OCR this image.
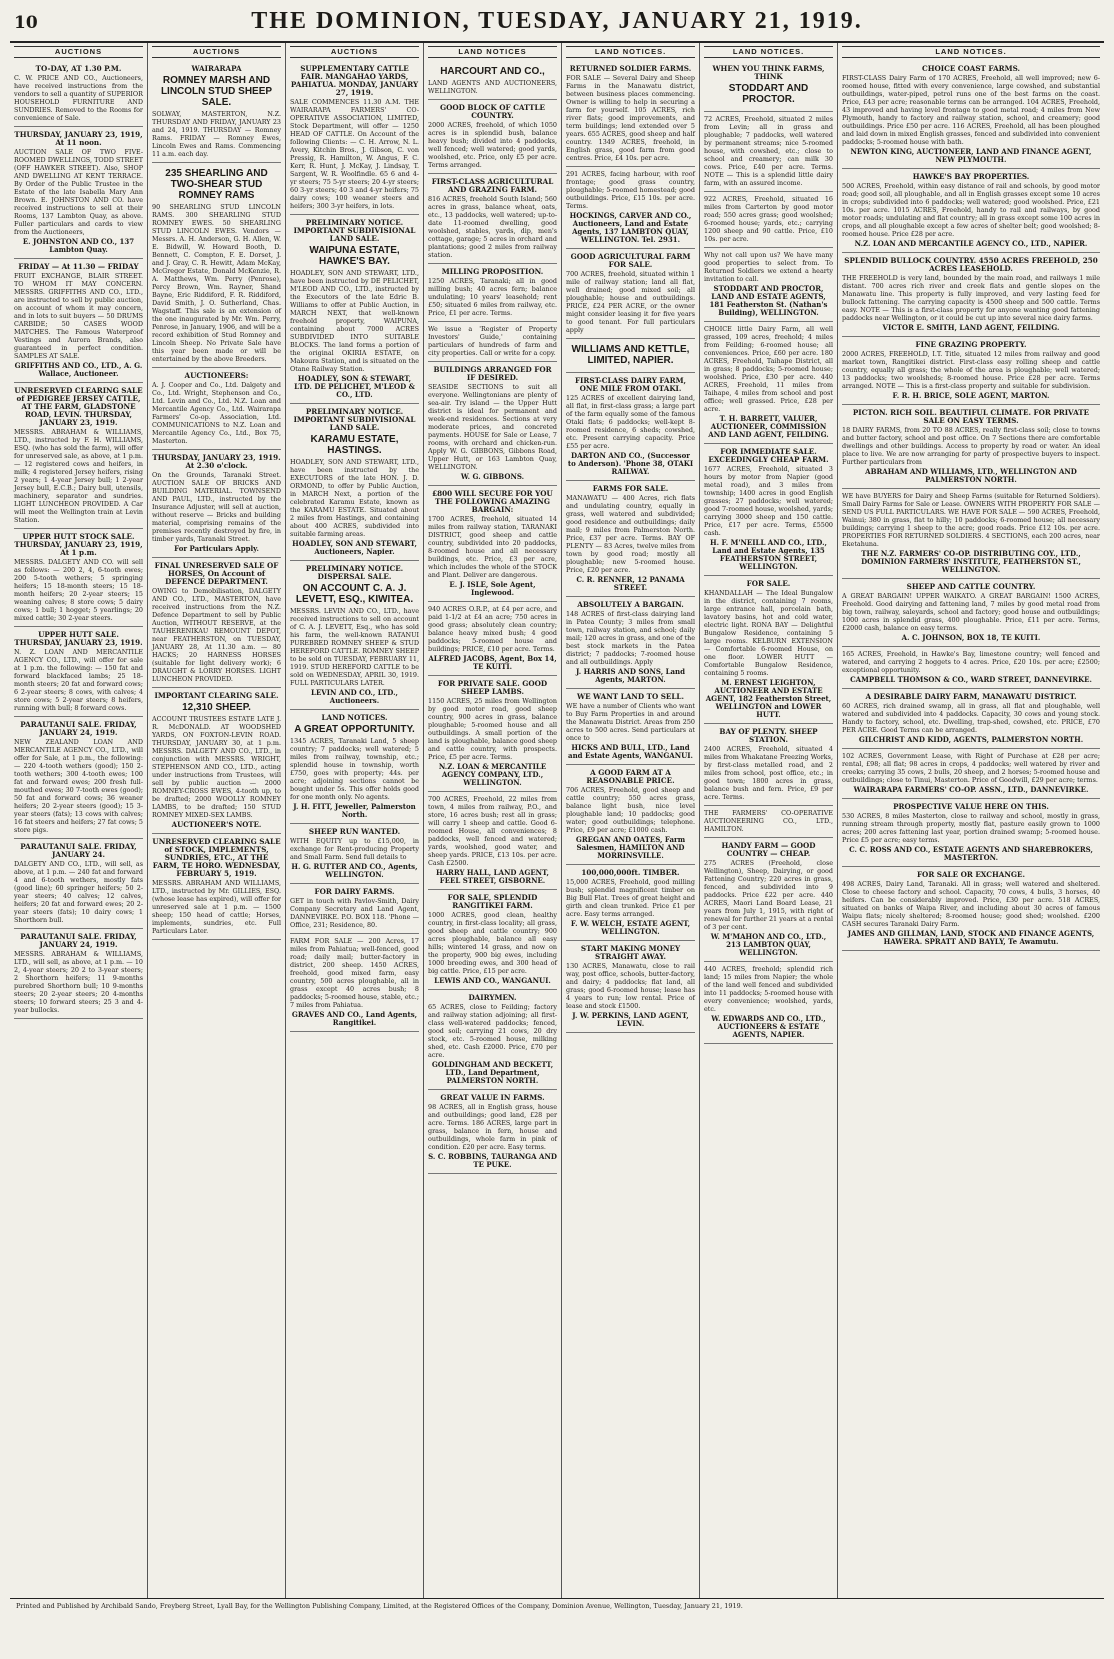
10	THE DOMINION, TUESDAY, JANUARY 21, 1919.
AUCTIONS
TO-DAY, AT 1.30 P.M.
C. W. PRICE AND CO., Auctioneers, have received instructions from the vendors to sell a quantity of SUPERIOR HOUSEHOLD FURNITURE AND SUNDRIES. Removed to the Rooms for convenience of Sale.
THURSDAY, JANUARY 23, 1919, At 11 noon.
AUCTION SALE OF TWO FIVE-ROOMED DWELLINGS, TODD STREET (OFF HAWKER STREET). Also, SHOP AND DWELLING AT KENT TERRACE. By Order of the Public Trustee in the Estate of the late Isabella Mary Ann Brown. E. JOHNSTON AND CO. have received instructions to sell at their Rooms, 137 Lambton Quay, as above. Fuller particulars and cards to view from the Auctioneers,
E. JOHNSTON AND CO., 137 Lambton Quay.
FRIDAY — At 11.30 — FRIDAY
FRUIT EXCHANGE, BLAIR STREET. TO WHOM IT MAY CONCERN. MESSRS. GRIFFITHS AND CO., LTD., are instructed to sell by public auction, on account of whom it may concern, and in lots to suit buyers — 50 DRUMS CARBIDE; 50 CASES WOOD MATCHES. The Famous Waterproof Vestings and Aurora Brands, also guaranteed in perfect condition. SAMPLES AT SALE.
GRIFFITHS AND CO., LTD., A. G. Wallace, Auctioneer.
UNRESERVED CLEARING SALE of PEDIGREE JERSEY CATTLE, AT THE FARM, GLADSTONE ROAD, LEVIN. THURSDAY, JANUARY 23, 1919.
MESSRS. ABRAHAM & WILLIAMS, LTD., instructed by F. H. WILLIAMS, ESQ. (who has sold the farm), will offer for unreserved sale, as above, at 1 p.m. — 12 registered cows and heifers, in milk; 4 registered Jersey heifers, rising 2 years; 1 4-year Jersey bull; 1 2-year Jersey bull, E.C.B.; Dairy bull, utensils, machinery, separator and sundries. LIGHT LUNCHEON PROVIDED. A Car will meet the Wellington train at Levin Station.
UPPER HUTT STOCK SALE. THURSDAY, JANUARY 23, 1919, At 1 p.m.
MESSRS. DALGETY AND CO. will sell as follows: — 200 2, 4, 6-tooth ewes; 200 5-tooth wethers; 5 springing heifers; 15 18-month steers; 15 18-month heifers; 20 2-year steers; 15 weaning calves; 8 store cows; 5 dairy cows; 1 bull; 1 hogget; 5 yearlings; 20 mixed cattle; 30 2-year steers.
UPPER HUTT SALE. THURSDAY, JANUARY 23, 1919.
N. Z. LOAN AND MERCANTILE AGENCY CO., LTD., will offer for sale at 1 p.m. the following: — 150 fat and forward blackfaced lambs; 25 18-month steers; 20 fat and forward cows; 6 2-year steers; 8 cows, with calves; 4 store cows; 5 2-year steers; 8 heifers, running with bull; 8 forward cows.
PARAUTANUI SALE. FRIDAY, JANUARY 24, 1919.
NEW ZEALAND LOAN AND MERCANTILE AGENCY CO., LTD., will offer for Sale, at 1 p.m., the following: — 220 4-tooth wethers (good); 150 2-tooth wethers; 300 4-tooth ewes; 100 fat and forward ewes; 200 fresh full-mouthed ewes; 30 7-tooth ewes (good); 50 fat and forward cows; 36 weaner heifers; 20 2-year steers (good); 15 3-year steers (fats); 13 cows with calves; 16 fat steers and heifers; 27 fat cows; 5 store pigs.
PARAUTANUI SALE. FRIDAY, JANUARY 24.
DALGETY AND CO., LTD., will sell, as above, at 1 p.m. — 240 fat and forward 4 and 6-tooth wethers, mostly fats (good line); 60 springer heifers; 50 2-year steers; 40 calves; 12 calves, heifers; 20 fat and forward ewes; 20 2-year steers (fats); 10 dairy cows; 1 Shorthorn bull.
PARAUTANUI SALE. FRIDAY, JANUARY 24, 1919.
MESSRS. ABRAHAM & WILLIAMS, LTD., will sell, as above, at 1 p.m. — 10 2, 4-year steers; 20 2 to 3-year steers; 2 Shorthorn heifers; 11 9-months purebred Shorthorn bull; 10 9-months steers; 20 2-year steers; 20 4-months steers; 10 forward steers; 25 3 and 4-year bullocks.
AUCTIONS
WAIRARAPA
ROMNEY MARSH AND LINCOLN STUD SHEEP SALE.
SOLWAY, MASTERTON, N.Z. THURSDAY AND FRIDAY, JANUARY 23 and 24, 1919. THURSDAY — Romney Rams. FRIDAY — Romney Ewes, Lincoln Ewes and Rams. Commencing 11 a.m. each day.
235 SHEARLING AND TWO-SHEAR STUD ROMNEY RAMS
90 SHEARLING STUD LINCOLN RAMS. 300 SHEARLING STUD ROMNEY EWES. 50 SHEARLING STUD LINCOLN EWES. Vendors — Messrs. A. H. Anderson, G. H. Allen, W. E. Bidwill, W. Howard Booth, D. Bennett, C. Compton, F. E. Dorset, J. and J. Gray, C. R. Hewitt, Adam McKay, McGregor Estate, Donald McKenzie, R. A. Matthews, Wm. Perry (Penrose), Percy Brown, Wm. Rayner, Shand Bayne, Eric Riddiford, F. R. Riddiford, David Smith, J. O. Sutherland, Chas. Wagstaff. This sale is an extension of the one inaugurated by Mr. Wm. Perry, Penrose, in January, 1906, and will be a record exhibition of Stud Romney and Lincoln Sheep. No Private Sale have this year been made or will be entertained by the above Breeders.
AUCTIONEERS:
A. J. Cooper and Co., Ltd. Dalgety and Co., Ltd. Wright, Stephenson and Co., Ltd. Levin and Co., Ltd. N.Z. Loan and Mercantile Agency Co., Ltd. Wairarapa Farmers' Co-op. Association, Ltd. COMMUNICATIONS to N.Z. Loan and Mercantile Agency Co., Ltd., Box 75, Masterton.
THURSDAY, JANUARY 23, 1919. At 2.30 o'clock.
On the Grounds, Taranaki Street. AUCTION SALE OF BRICKS AND BUILDING MATERIAL. TOWNSEND AND PAUL, LTD., instructed by the Insurance Adjuster, will sell at auction, without reserve — Bricks and building material, comprising remains of the premises recently destroyed by fire, in timber yards, Taranaki Street.
For Particulars Apply.
FINAL UNRESERVED SALE OF HORSES, On Account of DEFENCE DEPARTMENT.
OWING to Demobilisation, DALGETY AND CO., LTD., MASTERTON, have received instructions from the N.Z. Defence Department to sell by Public Auction, WITHOUT RESERVE, at the TAUHERENIKAU REMOUNT DEPOT, near FEATHERSTON, on TUESDAY, JANUARY 28, At 11.30 a.m. — 80 HACKS; 20 HARNESS HORSES (suitable for light delivery work); 6 DRAUGHT & LORRY HORSES. LIGHT LUNCHEON PROVIDED.
IMPORTANT CLEARING SALE.
12,310 SHEEP.
ACCOUNT TRUSTEES ESTATE LATE J. R. McDONALD. AT WOODSHED YARDS, ON FOXTON-LEVIN ROAD. THURSDAY, JANUARY 30, at 1 p.m. MESSRS. DALGETY AND CO., LTD., in conjunction with MESSRS. WRIGHT, STEPHENSON AND CO., LTD., acting under instructions from Trustees, will sell by public auction — 2000 ROMNEY-CROSS EWES, 4-tooth up, to be drafted; 2000 WOOLLY ROMNEY LAMBS, to be drafted; 150 STUD ROMNEY MIXED-SEX LAMBS.
AUCTIONEER'S NOTE.
UNRESERVED CLEARING SALE of STOCK, IMPLEMENTS, SUNDRIES, ETC., AT THE FARM, TE HORO. WEDNESDAY, FEBRUARY 5, 1919.
MESSRS. ABRAHAM AND WILLIAMS, LTD., instructed by Mr. GILLIES, ESQ. (whose lease has expired), will offer for unreserved sale at 1 p.m. — 1500 sheep; 150 head of cattle; Horses, implements, sundries, etc. Full Particulars Later.
AUCTIONS
SUPPLEMENTARY CATTLE FAIR. MANGAHAO YARDS, PAHIATUA. MONDAY, JANUARY 27, 1919.
SALE COMMENCES 11.30 A.M. THE WAIRARAPA FARMERS' CO-OPERATIVE ASSOCIATION, LIMITED, Stock Department, will offer — 1250 HEAD OF CATTLE. On Account of the following Clients: — C. H. Arrow, N. L. Avery, Kitchin Bros., J. Gibson, C. von Pressig, R. Hamilton, W. Angus, F. C. Kerr, R. Hunt, J. McKay, J. Lindsay, T. Sargent, W. R. Woolfindle. 65 6 and 4-yr steers; 75 5-yr steers; 20 4-yr steers; 60 3-yr steers; 40 3 and 4-yr heifers; 75 dairy cows; 100 weaner steers and heifers; 300 3-yr heifers, in lots.
PRELIMINARY NOTICE. IMPORTANT SUBDIVISIONAL LAND SALE.
WAIPUNA ESTATE, HAWKE'S BAY.
HOADLEY, SON AND STEWART, LTD., have been instructed by DE PELICHET, M'LEOD AND CO., LTD., instructed by the Executors of the late Edric B. Williams to offer at Public Auction, in MARCH NEXT, that well-known freehold property, WAIPUNA, containing about 7000 ACRES SUBDIVIDED INTO SUITABLE BLOCKS. The land forms a portion of the original OKIRIA ESTATE, on Makoura Station, and is situated on the Otane Railway Station.
HOADLEY, SON & STEWART, LTD. DE PELICHET, M'LEOD & CO., LTD.
PRELIMINARY NOTICE. IMPORTANT SUBDIVISIONAL LAND SALE.
KARAMU ESTATE, HASTINGS.
HOADLEY, SON AND STEWART, LTD., have been instructed by the EXECUTORS of the late HON. J. D. ORMOND, to offer by Public Auction, in MARCH Next, a portion of the celebrated Karamu Estate, known as the KARAMU ESTATE. Situated about 2 miles from Hastings, and containing about 400 ACRES, subdivided into suitable farming areas.
HOADLEY, SON AND STEWART, Auctioneers, Napier.
PRELIMINARY NOTICE. DISPERSAL SALE.
ON ACCOUNT C. A. J. LEVETT, ESQ., KIWITEA.
MESSRS. LEVIN AND CO., LTD., have received instructions to sell on account of C. A. J. LEVETT, Esq., who has sold his farm, the well-known RATANUI PUREBRED ROMNEY SHEEP & STUD HEREFORD CATTLE. ROMNEY SHEEP to be sold on TUESDAY, FEBRUARY 11, 1919. STUD HEREFORD CATTLE to be sold on WEDNESDAY, APRIL 30, 1919. FULL PARTICULARS LATER.
LEVIN AND CO., LTD., Auctioneers.
LAND NOTICES.
A GREAT OPPORTUNITY.
1345 ACRES, Taranaki Land, 5 sheep country; 7 paddocks; well watered; 5 miles from railway, township, etc.; splendid house in township, worth £750, goes with property; 44s. per acre; adjoining sections cannot be bought under 5s. This offer holds good for one month only. No agents.
J. H. FITT, Jeweller, Palmerston North.
SHEEP RUN WANTED.
WITH EQUITY up to £15,000, in exchange for Rent-producing Property and Small Farm. Send full details to
H. G. RUTTER AND CO., Agents, WELLINGTON.
FOR DAIRY FARMS.
GET in touch with Pavlov-Smith, Dairy Company Secretary and Land Agent, DANNEVIRKE. P.O. BOX 118. 'Phone — Office, 231; Residence, 80.
FARM FOR SALE — 200 Acres, 17 miles from Pahiatua; well-fenced, good road; daily mail; butter-factory in district, 200 sheep. 1450 ACRES, freehold, good mixed farm, easy country, 500 acres ploughable, all in grass except 40 acres bush; 8 paddocks; 5-roomed house, stable, etc.; 7 miles from Pahiatua.
GRAVES AND CO., Land Agents, Rangitikei.
LAND NOTICES
HARCOURT AND CO.,
LAND AGENTS AND AUCTIONEERS, WELLINGTON.
GOOD BLOCK OF CATTLE COUNTRY.
2000 ACRES, freehold, of which 1050 acres is in splendid bush, balance heavy bush; divided into 4 paddocks, well fenced; well watered; good yards, woolshed, etc. Price, only £5 per acre. Terms arranged.
FIRST-CLASS AGRICULTURAL AND GRAZING FARM.
816 ACRES, freehold South Island; 560 acres in grass, balance wheat, oats, etc., 13 paddocks, well watered; up-to-date 11-roomed dwelling, good woolshed, stables, yards, dip, men's cottage, garage; 5 acres in orchard and plantations; good 2 miles from railway station.
MILLING PROPOSITION.
1250 ACRES, Taranaki; all in good milling bush; 40 acres fern; balance undulating; 10 years' leasehold; rent £50; situated 6 miles from railway, etc. Price, £1 per acre. Terms.
We issue a 'Register of Property Investors' Guide,' containing particulars of hundreds of farm and city properties. Call or write for a copy.
BUILDINGS ARRANGED FOR IF DESIRED.
SEASIDE SECTIONS to suit all everyone. Wellingtonians are plenty of sea-air. Try island — the Upper Hutt district is ideal for permanent and week-end residences. Sections at very moderate prices, and concreted payments. HOUSE for Sale or Lease, 7 rooms, with orchard and chicken-run. Apply W. G. GIBBONS, Gibbons Road, Upper Hutt, or 163 Lambton Quay, WELLINGTON.
W. G. GIBBONS.
£800 WILL SECURE FOR YOU THE FOLLOWING AMAZING BARGAIN:
1700 ACRES, freehold, situated 14 miles from railway station, TARANAKI DISTRICT, good sheep and cattle country, subdivided into 20 paddocks, 8-roomed house and all necessary buildings, etc. Price, £3 per acre, which includes the whole of the STOCK and Plant. Deliver are dangerous.
E. J. ISLE, Sole Agent, Inglewood.
940 ACRES O.R.P., at £4 per acre, and paid 1-1/2 at £4 an acre; 750 acres in good grass; absolutely clean country; balance heavy mixed bush; 4 good paddocks; 5-roomed house and buildings; PRICE, £10 per acre. Terms.
ALFRED JACOBS, Agent, Box 14, TE KUITI.
FOR PRIVATE SALE. GOOD SHEEP LAMBS.
1150 ACRES, 25 miles from Wellington by good motor road, good sheep country, 900 acres in grass, balance ploughable; 5-roomed house and all outbuildings. A small portion of the land is ploughable, balance good sheep and cattle country, with prospects. Price, £5 per acre. Terms.
N.Z. LOAN & MERCANTILE AGENCY COMPANY, LTD., WELLINGTON.
700 ACRES, Freehold, 22 miles from town, 4 miles from railway, P.O., and store, 16 acres bush; rest all in grass; will carry 1 sheep and cattle. Good 6-roomed House, all conveniences; 8 paddocks, well fenced and watered; yards, woolshed, good water, and sheep yards. PRICE, £13 10s. per acre. Cash £2500.
HARRY HALL, LAND AGENT, FEEL STREET, GISBORNE.
FOR SALE, SPLENDID RANGITIKEI FARM.
1000 ACRES, good clean, healthy country, in first-class locality; all grass, good sheep and cattle country; 900 acres ploughable, balance all easy hills; wintered 14 grass, and now on the property, 900 big ewes, including 1000 breeding ewes, and 300 head of big cattle. Price, £15 per acre.
LEWIS AND CO., WANGANUI.
DAIRYMEN.
65 ACRES, close to Feilding; factory and railway station adjoining; all first-class well-watered paddocks; fenced, good soil; carrying 21 cows, 20 dry stock, etc. 5-roomed house, milking shed, etc. Cash £2000. Price, £70 per acre.
GOLDINGHAM AND BECKETT, LTD., Land Department, PALMERSTON NORTH.
GREAT VALUE IN FARMS.
98 ACRES, all in English grass, house and outbuildings; good land, £28 per acre. Terms. 186 ACRES, large part in grass, balance in fern, house and outbuildings, whole farm in pink of condition. £20 per acre. Easy terms.
S. C. ROBBINS, TAURANGA AND TE PUKE.
LAND NOTICES.
RETURNED SOLDIER FARMS.
FOR SALE — Several Dairy and Sheep Farms in the Manawatu district, between business places commencing. Owner is willing to help in securing a farm for yourself. 105 ACRES, rich river flats; good improvements, and term buildings; lend extended over 5 years. 655 ACRES, good sheep and half country. 1349 ACRES, freehold, in English grass, good farm from good centres. Price, £4 10s. per acre.
291 ACRES, facing harbour, with roof frontage; good grass country, ploughable; 5-roomed homestead; good outbuildings. Price, £15 10s. per acre. Terms.
HOCKINGS, CARVER AND CO., Auctioneers, Land and Estate Agents, 137 LAMBTON QUAY, WELLINGTON. Tel. 2931.
GOOD AGRICULTURAL FARM FOR SALE.
700 ACRES, freehold, situated within 1 mile of railway station; land all flat, well drained; good mixed soil; all ploughable; house and outbuildings. PRICE, £24 PER ACRE, or the owner might consider leasing it for five years to good tenant. For full particulars apply
WILLIAMS AND KETTLE, LIMITED, NAPIER.
FIRST-CLASS DAIRY FARM, ONE MILE FROM OTAKI.
125 ACRES of excellent dairying land, all flat, in first-class grass; a large part of the farm equally some of the famous Otaki flats; 6 paddocks; well-kept 8-roomed residence, 6 sheds; cowshed, etc. Present carrying capacity. Price £55 per acre.
DARTON AND CO., (Successor to Anderson). 'Phone 38, OTAKI RAILWAY.
FARMS FOR SALE.
MANAWATU — 400 Acres, rich flats and undulating country, equally in grass, well watered and subdivided; good residence and outbuildings; daily mail; 9 miles from Palmerston North. Price, £37 per acre. Terms. BAY OF PLENTY — 83 Acres, twelve miles from town by good road; mostly all ploughable; new 5-roomed house. Price, £20 per acre.
C. R. RENNER, 12 PANAMA STREET.
ABSOLUTELY A BARGAIN.
148 ACRES of first-class dairying land in Patea County; 3 miles from small town, railway station, and school; daily mail; 120 acres in grass, and one of the best stock markets in the Patea district; 7 paddocks; 7-roomed house and all outbuildings. Apply
J. HARRIS AND SONS, Land Agents, MARTON.
WE WANT LAND TO SELL.
WE have a number of Clients who want to Buy Farm Properties in and around the Manawatu District. Areas from 250 acres to 500 acres. Send particulars at once to
HICKS AND BULL, LTD., Land and Estate Agents, WANGANUI.
A GOOD FARM AT A REASONABLE PRICE.
706 ACRES, Freehold, good sheep and cattle country; 550 acres grass, balance light bush, nice level ploughable land; 10 paddocks; good water; good outbuildings; telephone. Price, £9 per acre; £1000 cash.
GREGAN AND OATES, Farm Salesmen, HAMILTON AND MORRINSVILLE.
100,000,000ft. TIMBER.
15,000 ACRES, Freehold, good milling bush; splendid magnificent timber on Big Bull Flat. Trees of great height and girth and clean trunked. Price £1 per acre. Easy terms arranged.
F. W. WELCH, ESTATE AGENT, WELLINGTON.
START MAKING MONEY STRAIGHT AWAY.
130 ACRES, Manawatu, close to rail way, post office, schools, butter-factory, and dairy; 4 paddocks; flat land, all grass; good 6-roomed house; lease has 4 years to run; low rental. Price of lease and stock £1500.
J. W. PERKINS, LAND AGENT, LEVIN.
LAND NOTICES.
WHEN YOU THINK FARMS, THINK
STODDART AND PROCTOR.
72 ACRES, Freehold, situated 2 miles from Levin; all in grass and ploughable; 7 paddocks, well watered by permanent streams; nice 5-roomed house, with cowshed, etc.; close to school and creamery; can milk 30 cows. Price, £40 per acre. Terms. NOTE — This is a splendid little dairy farm, with an assured income.
922 ACRES, Freehold, situated 16 miles from Carterton by good motor road; 550 acres grass; good woolshed; 6-roomed house; yards, etc.; carrying 1200 sheep and 90 cattle. Price, £10 10s. per acre.
Why not call upon us? We have many good properties to select from. To Returned Soldiers we extend a hearty invitation to call.
STODDART AND PROCTOR, LAND AND ESTATE AGENTS, 181 Featherston St. (Nathan's Building), WELLINGTON.
CHOICE little Dairy Farm, all well grassed, 109 acres, freehold; 4 miles from Feilding; 6-roomed house; all conveniences. Price, £60 per acre. 180 ACRES, Freehold, Taihape District, all in grass; 8 paddocks; 5-roomed house; woolshed. Price, £30 per acre. 440 ACRES, Freehold, 11 miles from Taihape, 4 miles from school and post office; well grassed. Price, £28 per acre.
T. H. BARRETT, VALUER, AUCTIONEER, COMMISSION AND LAND AGENT, FEILDING.
FOR IMMEDIATE SALE. EXCEEDINGLY CHEAP FARM.
1677 ACRES, Freehold, situated 3 hours by motor from Napier (good metal road), and 3 miles from township; 1400 acres in good English grasses; 27 paddocks; well watered; good 7-roomed house, woolshed, yards; carrying 3000 sheep and 150 cattle. Price, £17 per acre. Terms, £5500 cash.
H. F. M'NEILL AND CO., LTD., Land and Estate Agents, 135 FEATHERSTON STREET, WELLINGTON.
FOR SALE.
KHANDALLAH — The Ideal Bungalow in the district, containing 7 rooms, large entrance hall, porcelain bath, lavatory basins, hot and cold water, electric light. RONA BAY — Delightful Bungalow Residence, containing 5 large rooms. KELBURN EXTENSION — Comfortable 6-roomed House, on one floor. LOWER HUTT — Comfortable Bungalow Residence, containing 5 rooms.
M. ERNEST LEIGHTON, AUCTIONEER AND ESTATE AGENT, 182 Featherston Street, WELLINGTON and LOWER HUTT.
BAY OF PLENTY. SHEEP STATION.
2400 ACRES, Freehold, situated 4 miles from Whakatane Freezing Works, by first-class metalled road, and 2 miles from school, post office, etc.; in good town; 1800 acres in grass, balance bush and fern. Price, £9 per acre. Terms.
THE FARMERS' CO-OPERATIVE AUCTIONEERING CO., LTD., HAMILTON.
HANDY FARM — GOOD COUNTRY — CHEAP.
275 ACRES (Freehold, close Wellington), Sheep, Dairying, or good Fattening Country; 220 acres in grass, fenced, and subdivided into 9 paddocks. Price £22 per acre. 440 ACRES, Maori Land Board Lease, 21 years from July 1, 1915, with right of renewal for further 21 years at a rental of 3 per cent.
W. M'MAHON AND CO., LTD., 213 LAMBTON QUAY, WELLINGTON.
440 ACRES, freehold; splendid rich land; 15 miles from Napier; the whole of the land well fenced and subdivided into 11 paddocks; 5-roomed house with every convenience; woolshed, yards, etc.
W. EDWARDS AND CO., LTD., AUCTIONEERS & ESTATE AGENTS, NAPIER.
LAND NOTICES.
CHOICE COAST FARMS.
FIRST-CLASS Dairy Farm of 170 ACRES, Freehold, all well improved; new 6-roomed house, fitted with every convenience, large cowshed, and substantial outbuildings, water-piped, petrol runs one of the best farms on the coast. Price, £43 per acre; reasonable terms can be arranged. 104 ACRES, Freehold, 43 improved and having level frontage to good metal road; 4 miles from New Plymouth, handy to factory and railway station, school, and creamery; good outbuildings. Price £50 per acre. 116 ACRES, Freehold, all has been ploughed and laid down in mixed English grasses, fenced and subdivided into convenient paddocks; 5-roomed house with bath.
NEWTON KING, AUCTIONEER, LAND AND FINANCE AGENT, NEW PLYMOUTH.
HAWKE'S BAY PROPERTIES.
500 ACRES, Freehold, within easy distance of rail and schools, by good motor road; good soil, all ploughable, and all in English grasses except some 10 acres in crops; subdivided into 6 paddocks; well watered; good woolshed. Price, £21 10s. per acre. 1015 ACRES, Freehold, handy to rail and railways, by good motor roads; undulating and flat country; all in grass except some 100 acres in crops, and all ploughable except a few acres of shelter belt; good woolshed; 8-roomed house. Price £28 per acre.
N.Z. LOAN AND MERCANTILE AGENCY CO., LTD., NAPIER.
SPLENDID BULLOCK COUNTRY. 4550 ACRES FREEHOLD, 250 ACRES LEASEHOLD.
THE FREEHOLD is very land, bounded by the main road, and railways 1 mile distant. 700 acres rich river and creek flats and gentle slopes on the Manawatu line. This property is fully improved, and very lasting feed for bullock fattening. The carrying capacity is 4500 sheep and 500 cattle. Terms easy. NOTE — This is a first-class property for anyone wanting good fattening paddocks near Wellington, or it could be cut up into several nice dairy farms.
VICTOR E. SMITH, LAND AGENT, FEILDING.
FINE GRAZING PROPERTY.
2000 ACRES, FREEHOLD, I.T. Title, situated 12 miles from railway and good market town, Rangitikei district. First-class easy rolling sheep and cattle country, equally all grass; the whole of the area is ploughable; well watered; 13 paddocks; two woolsheds; 8-roomed house. Price £28 per acre. Terms arranged. NOTE — This is a first-class property and suitable for subdivision.
F. R. H. BRICE, SOLE AGENT, MARTON.
PICTON. RICH SOIL. BEAUTIFUL CLIMATE. FOR PRIVATE SALE ON EASY TERMS.
18 DAIRY FARMS, from 20 TO 88 ACRES, really first-class soil; close to towns and butter factory, school and post office. On 7 Sections there are comfortable dwellings and other buildings. Access to property by road or water. An ideal place to live. We are now arranging for party of prospective buyers to inspect. Further particulars from
ABRAHAM AND WILLIAMS, LTD., WELLINGTON AND PALMERSTON NORTH.
WE have BUYERS for Dairy and Sheep Farms (suitable for Returned Soldiers). Small Dairy Farms for Sale or Lease. OWNERS WITH PROPERTY FOR SALE — SEND US FULL PARTICULARS. WE HAVE FOR SALE — 590 ACRES, Freehold, Wainui; 380 in grass, flat to hilly; 10 paddocks; 6-roomed house; all necessary buildings; carrying 1 sheep to the acre; good roads. Price £12 10s. per acre. PROPERTIES FOR RETURNED SOLDIERS. 4 SECTIONS, each 200 acres, near Eketahuna.
THE N.Z. FARMERS' CO-OP. DISTRIBUTING COY., LTD., DOMINION FARMERS' INSTITUTE, FEATHERSTON ST., WELLINGTON.
SHEEP AND CATTLE COUNTRY.
A GREAT BARGAIN! UPPER WAIKATO. A GREAT BARGAIN! 1500 ACRES, Freehold. Good dairying and fattening land, 7 miles by good metal road from big town, railway, saleyards, school and factory; good house and outbuildings; 1000 acres in splendid grass, 400 ploughable. Price, £11 per acre. Terms, £2000 cash, balance on easy terms.
A. C. JOHNSON, BOX 18, TE KUITI.
165 ACRES, Freehold, in Hawke's Bay, limestone country; well fenced and watered, and carrying 2 hoggets to 4 acres. Price, £20 10s. per acre; £2500; exceptional opportunity.
CAMPBELL THOMSON & CO., WARD STREET, DANNEVIRKE.
A DESIRABLE DAIRY FARM, MANAWATU DISTRICT.
60 ACRES, rich drained swamp, all in grass, all flat and ploughable, well watered and subdivided into 4 paddocks. Capacity, 30 cows and young stock. Handy to factory, school, etc. Dwelling, trap-shed, cowshed, etc. PRICE, £70 PER ACRE. Good Terms can be arranged.
GILCHRIST AND KIDD, AGENTS, PALMERSTON NORTH.
102 ACRES, Government Lease, with Right of Purchase at £28 per acre; rental, £98; all flat; 98 acres in crops, 4 paddocks; well watered by river and creeks; carrying 35 cows, 2 bulls, 20 sheep, and 2 horses; 5-roomed house and outbuildings; close to Tinui, Masterton. Price of Goodwill, £29 per acre; terms.
WAIRARAPA FARMERS' CO-OP. ASSN., LTD., DANNEVIRKE.
PROSPECTIVE VALUE HERE ON THIS.
530 ACRES, 8 miles Masterton, close to railway and school, mostly in grass, running stream through property, mostly flat, pasture easily grown to 1000 acres; 200 acres fattening last year, portion drained swamp; 5-roomed house. Price £5 per acre; easy terms.
C. C. ROSS AND CO., ESTATE AGENTS AND SHAREBROKERS, MASTERTON.
FOR SALE OR EXCHANGE.
498 ACRES, Dairy Land, Taranaki. All in grass; well watered and sheltered. Close to cheese factory and school. Capacity, 70 cows, 4 bulls, 3 horses, 40 heifers. Can be considerably improved. Price, £30 per acre. 518 ACRES, situated on banks of Waipa River, and including about 30 acres of famous Waipu flats; nicely sheltered; 8-roomed house; good shed; woolshed. £200 CASH secures Taranaki Dairy Farm.
JAMES AND GILLMAN, LAND, STOCK AND FINANCE AGENTS, HAWERA. SPRATT AND BAYLY, Te Awamutu.
Printed and Published by Archibald Sando, Freyberg Street, Lyall Bay, for the Wellington Publishing Company, Limited, at the Registered Offices of the Company, Dominion Avenue, Wellington, Tuesday, January 21, 1919.
